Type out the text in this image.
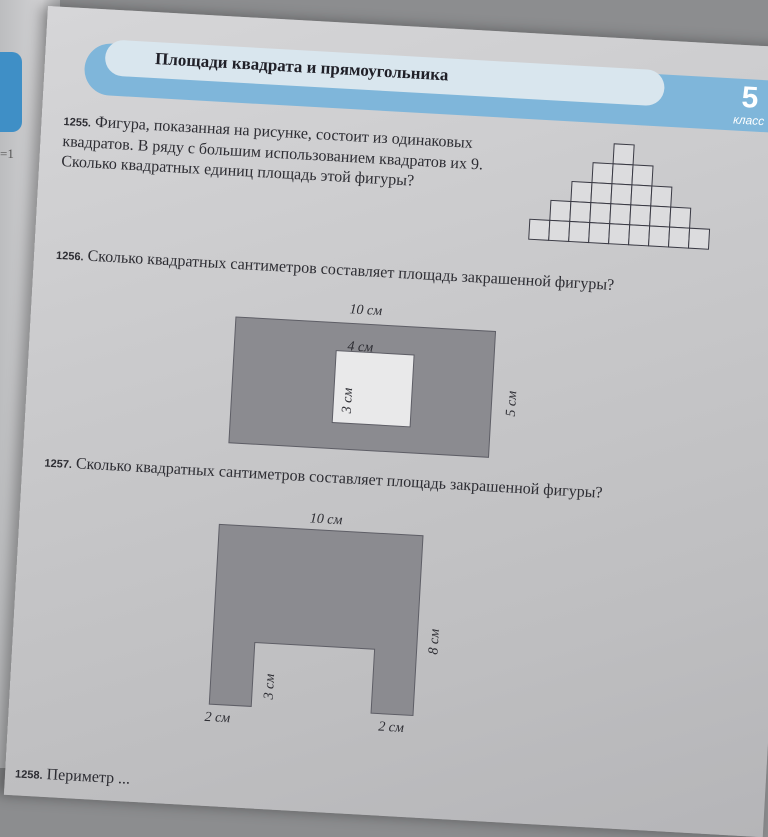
=1
Площади квадрата и прямоугольника
5
класс

1255. Фигура, показанная на рисунке, состоит из одинаковых квадратов. В ряду с большим использованием квадратов их 9. Сколько квадратных единиц площадь этой фигуры?

1256. Сколько квадратных сантиметров составляет площадь закрашенной фигуры?

10 см
4 см
3 см	5 см

1257. Сколько квадратных сантиметров составляет площадь закрашенной фигуры?

10 см
8 см
3 см
2 см
2 см

1258. Периметр ...
